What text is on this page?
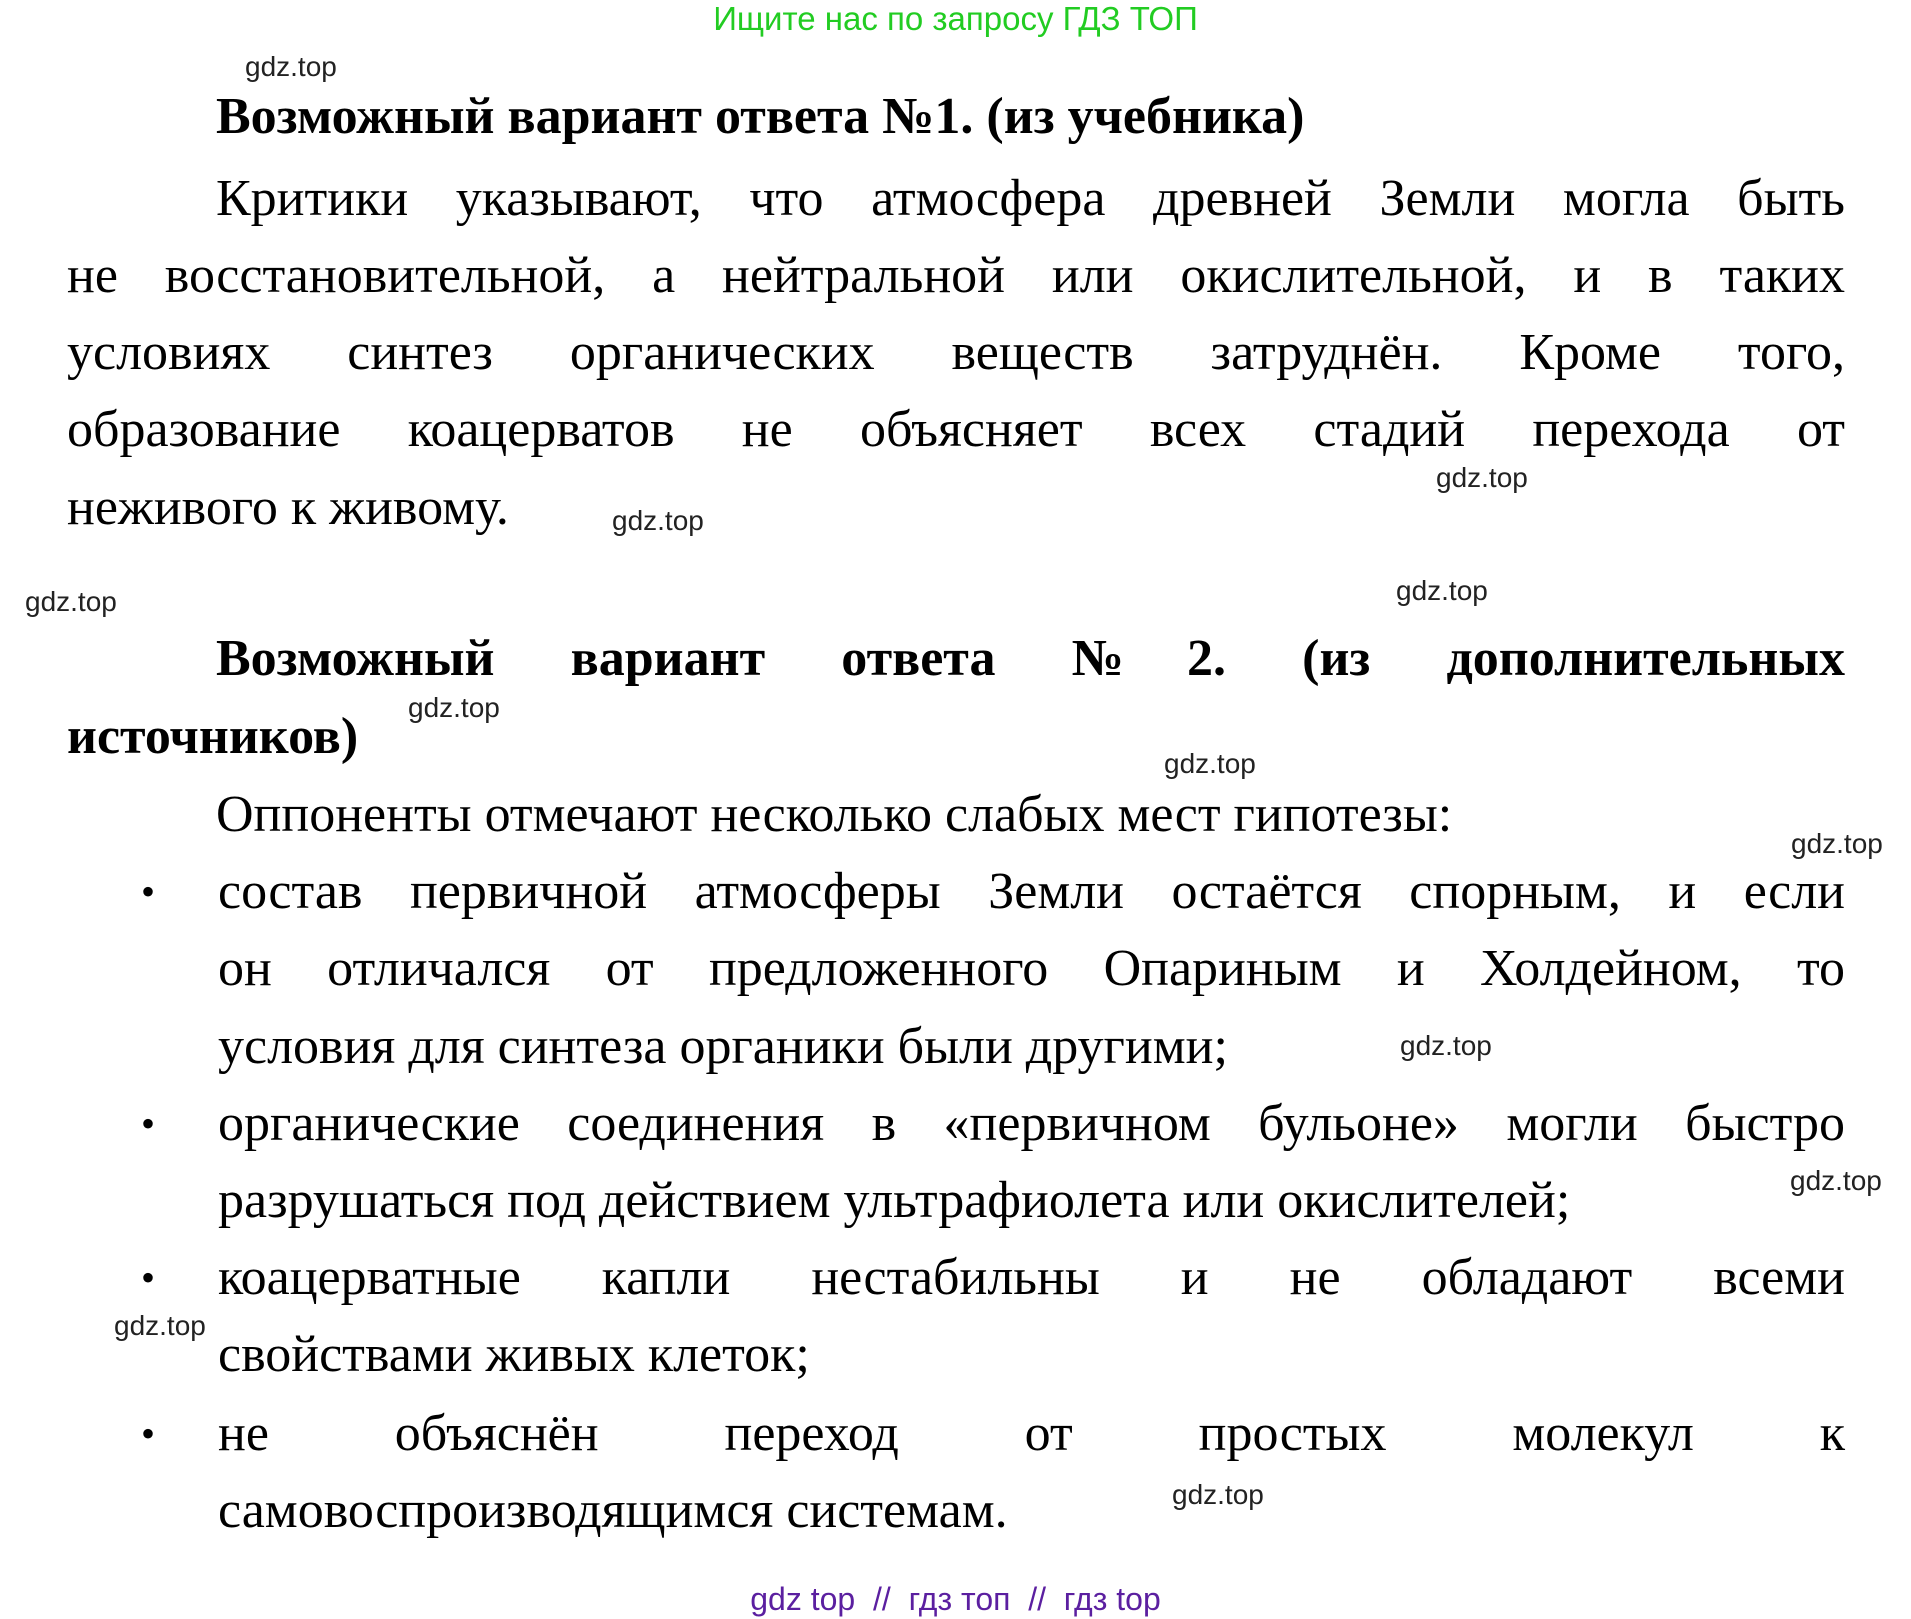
Ищите нас по запросу ГДЗ ТОП
Возможный вариант ответа №1. (из учебника)
Критики указывают, что атмосфера древней Земли могла быть
не восстановительной, а нейтральной или окислительной, и в таких
условиях синтез органических веществ затруднён. Кроме того,
образование коацерватов не объясняет всех стадий перехода от
неживого к живому.
Возможный вариант ответа №2. (из дополнительных
источников)
Оппоненты отмечают несколько слабых мест гипотезы:
• состав первичной атмосферы Земли остаётся спорным, и если
он отличался от предложенного Опариным и Холдейном, то
условия для синтеза органики были другими;
• органические соединения в «первичном бульоне» могли быстро
разрушаться под действием ультрафиолета или окислителей;
• коацерватные капли нестабильны и не обладают всеми
свойствами живых клеток;
• не объяснён переход от простых молекул к
самовоспроизводящимся системам.
gdz.top
gdz.top
gdz.top
gdz.top
gdz.top
gdz.top
gdz.top
gdz.top
gdz.top
gdz.top
gdz.top
gdz.top
gdz top  //  гдз топ  //  гдз top
